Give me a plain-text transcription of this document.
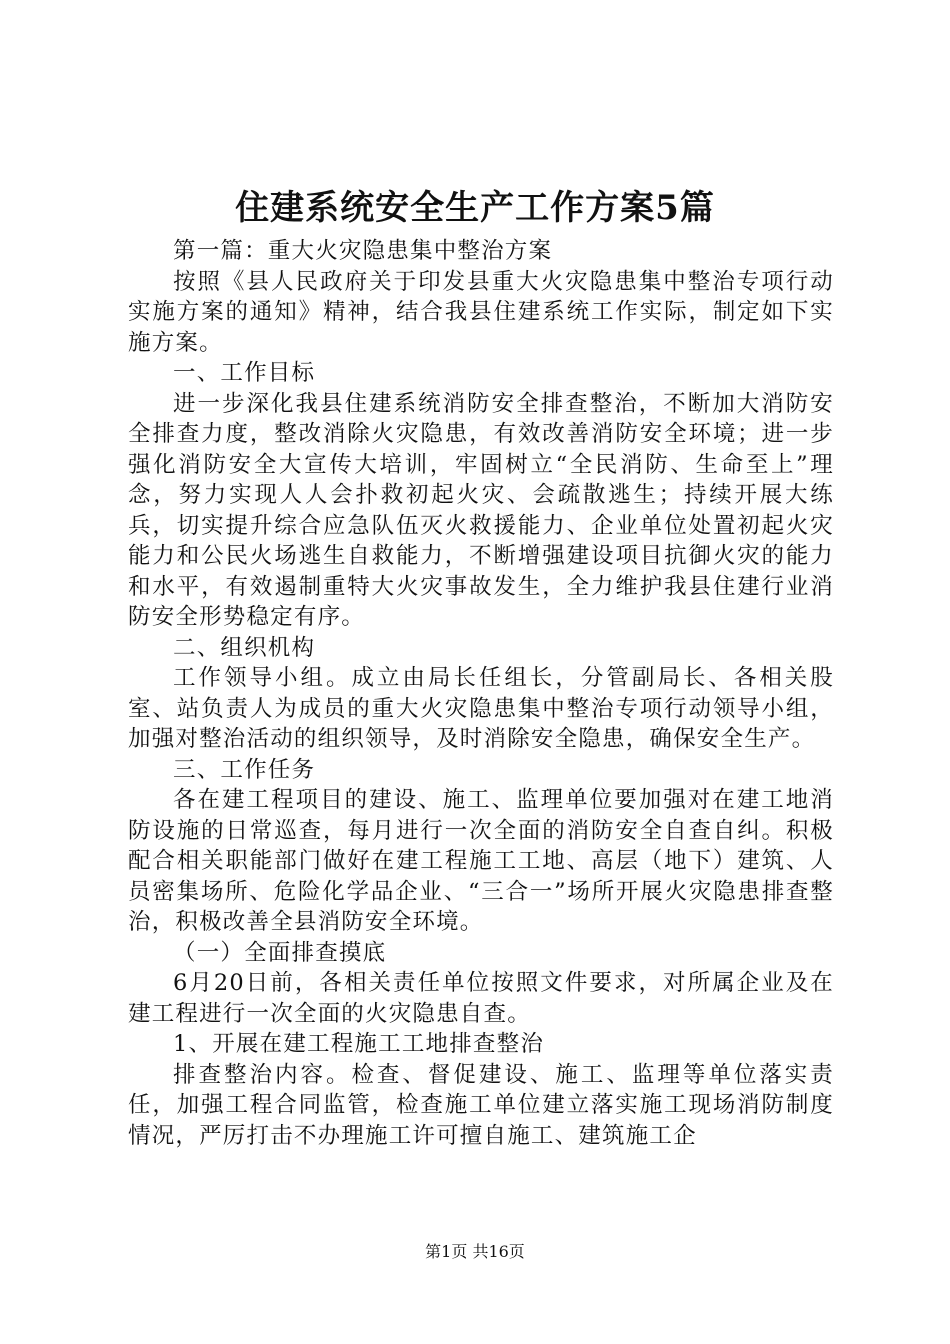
住建系统安全生产工作方案5篇

第一篇：重大火灾隐患集中整治方案

按照《县人民政府关于印发县重大火灾隐患集中整治专项行动实施方案的通知》精神，结合我县住建系统工作实际，制定如下实施方案。

一、工作目标

进一步深化我县住建系统消防安全排查整治，不断加大消防安全排查力度，整改消除火灾隐患，有效改善消防安全环境；进一步强化消防安全大宣传大培训，牢固树立“全民消防、生命至上”理念，努力实现人人会扑救初起火灾、会疏散逃生；持续开展大练兵，切实提升综合应急队伍灭火救援能力、企业单位处置初起火灾能力和公民火场逃生自救能力，不断增强建设项目抗御火灾的能力和水平，有效遏制重特大火灾事故发生，全力维护我县住建行业消防安全形势稳定有序。

二、组织机构

工作领导小组。成立由局长任组长，分管副局长、各相关股室、站负责人为成员的重大火灾隐患集中整治专项行动领导小组，加强对整治活动的组织领导，及时消除安全隐患，确保安全生产。

三、工作任务

各在建工程项目的建设、施工、监理单位要加强对在建工地消防设施的日常巡查，每月进行一次全面的消防安全自查自纠。积极配合相关职能部门做好在建工程施工工地、高层（地下）建筑、人员密集场所、危险化学品企业、“三合一”场所开展火灾隐患排查整治，积极改善全县消防安全环境。

（一）全面排查摸底

6月20日前，各相关责任单位按照文件要求，对所属企业及在建工程进行一次全面的火灾隐患自查。

1、开展在建工程施工工地排查整治

排查整治内容。检查、督促建设、施工、监理等单位落实责任，加强工程合同监管，检查施工单位建立落实施工现场消防制度情况，严厉打击不办理施工许可擅自施工、建筑施工企

第1页 共16页
